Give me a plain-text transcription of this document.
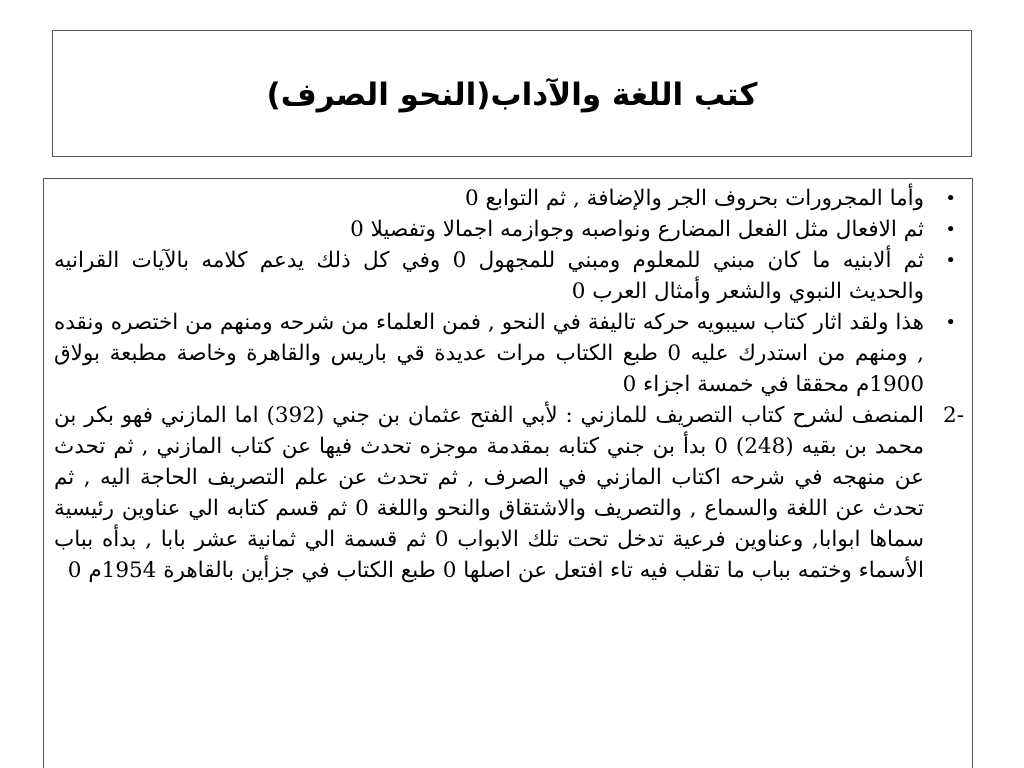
كتب اللغة والآداب(النحو الصرف)

•
وأما المجرورات بحروف الجر والإضافة , ثم التوابع 0

•
ثم الافعال مثل الفعل المضارع ونواصبه وجوازمه اجمالا وتفصيلا 0

•
ثم ألابنيه ما كان مبني للمعلوم ومبني للمجهول 0 وفي كل ذلك يدعم كلامه بالآيات القرانيه والحديث النبوي والشعر وأمثال العرب 0

•
هذا ولقد اثار كتاب سيبويه حركه تاليفة في النحو , فمن العلماء من شرحه ومنهم من اختصره ونقده , ومنهم من استدرك عليه 0 طبع الكتاب مرات عديدة قي باريس والقاهرة وخاصة مطبعة بولاق 1900م محققا في خمسة اجزاء 0

2-
المنصف لشرح كتاب التصريف للمازني : لأبي الفتح عثمان بن جني (392) اما المازني فهو بكر بن محمد بن بقيه (248) 0 بدأ بن جني كتابه بمقدمة موجزه تحدث فيها عن كتاب المازني , ثم تحدث عن منهجه في شرحه اكتاب المازني في الصرف , ثم تحدث عن علم التصريف الحاجة اليه , ثم تحدث عن اللغة والسماع , والتصريف والاشتقاق والنحو واللغة 0 ثم قسم كتابه الي عناوين رئيسية سماها ابوابا, وعناوين فرعية تدخل تحت تلك الابواب 0 ثم قسمة الي ثمانية عشر بابا , بدأه بباب الأسماء وختمه بباب ما تقلب فيه تاء افتعل عن اصلها 0 طبع الكتاب في جزأين بالقاهرة 1954م 0
